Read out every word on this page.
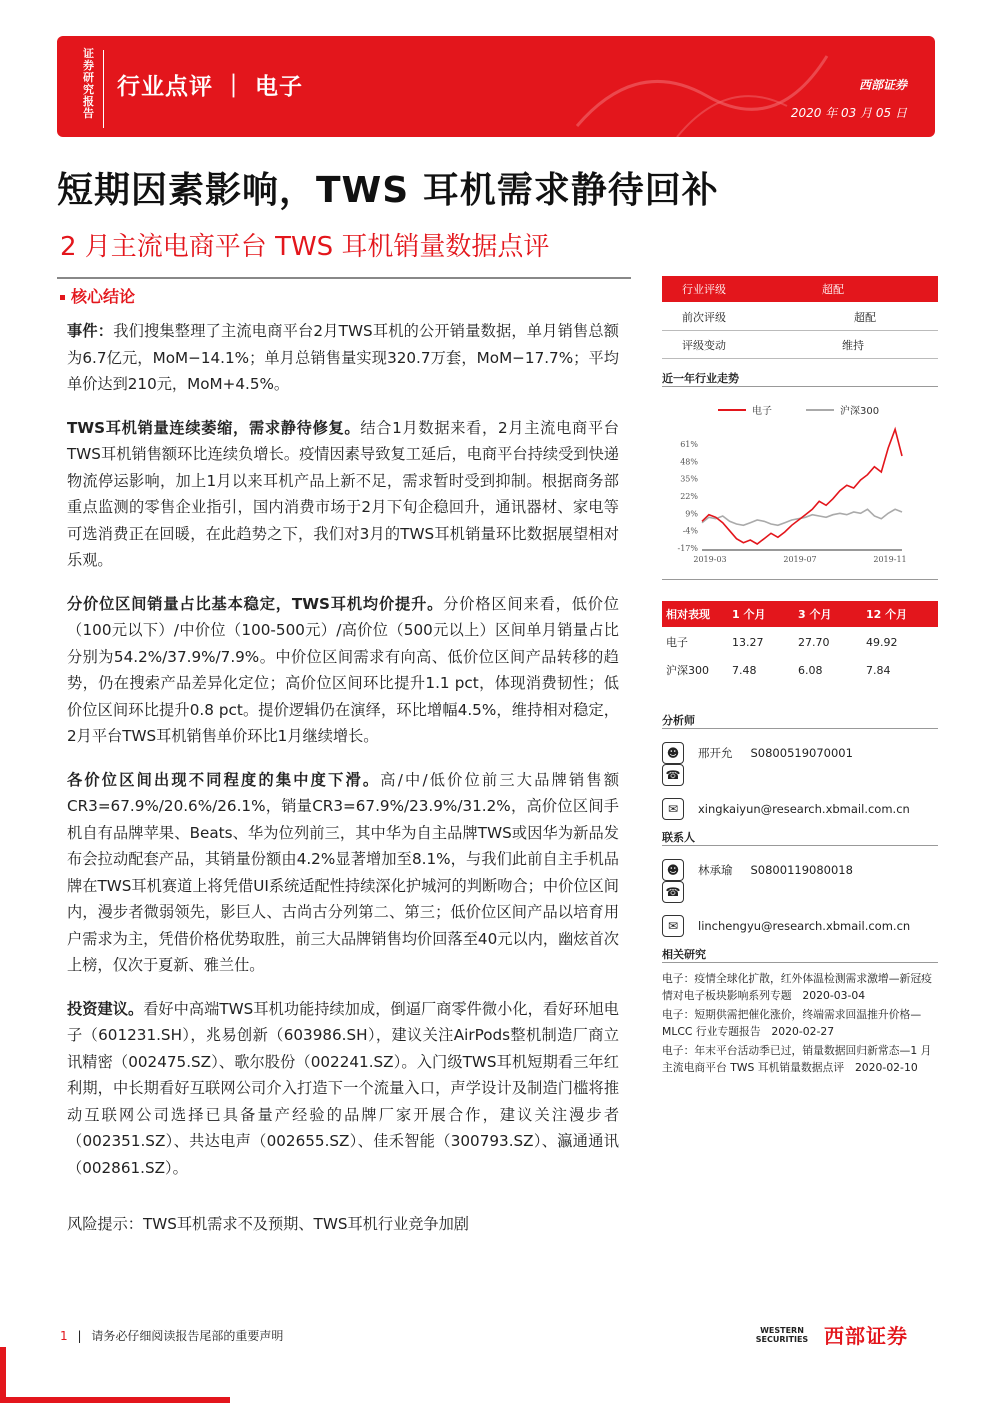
证券研究报告
行业点评 ｜ 电子	西部证券
2020 年 03 月 05 日
短期因素影响，TWS 耳机需求静待回补
2 月主流电商平台 TWS 耳机销量数据点评
核心结论

事件：我们搜集整理了主流电商平台2月TWS耳机的公开销量数据，单月销售总额为6.7亿元，MoM−14.1%；单月总销售量实现320.7万套，MoM−17.7%；平均单价达到210元，MoM+4.5%。

TWS耳机销量连续萎缩，需求静待修复。结合1月数据来看，2月主流电商平台TWS耳机销售额环比连续负增长。疫情因素导致复工延后，电商平台持续受到快递物流停运影响，加上1月以来耳机产品上新不足，需求暂时受到抑制。根据商务部重点监测的零售企业指引，国内消费市场于2月下旬企稳回升，通讯器材、家电等可选消费正在回暖，在此趋势之下，我们对3月的TWS耳机销量环比数据展望相对乐观。

分价位区间销量占比基本稳定，TWS耳机均价提升。分价格区间来看，低价位（100元以下）/中价位（100-500元）/高价位（500元以上）区间单月销量占比分别为54.2%/37.9%/7.9%。中价位区间需求有向高、低价位区间产品转移的趋势，仍在搜索产品差异化定位；高价位区间环比提升1.1 pct，体现消费韧性；低价位区间环比提升0.8 pct。提价逻辑仍在演绎，环比增幅4.5%，维持相对稳定，2月平台TWS耳机销售单价环比1月继续增长。

各价位区间出现不同程度的集中度下滑。高/中/低价位前三大品牌销售额CR3=67.9%/20.6%/26.1%，销量CR3=67.9%/23.9%/31.2%，高价位区间手机自有品牌苹果、Beats、华为位列前三，其中华为自主品牌TWS或因华为新品发布会拉动配套产品，其销量份额由4.2%显著增加至8.1%，与我们此前自主手机品牌在TWS耳机赛道上将凭借UI系统适配性持续深化护城河的判断吻合；中价位区间内，漫步者微弱领先，影巨人、古尚古分列第二、第三；低价位区间产品以培育用户需求为主，凭借价格优势取胜，前三大品牌销售均价回落至40元以内，幽炫首次上榜，仅次于夏新、雅兰仕。

投资建议。看好中高端TWS耳机功能持续加成，倒逼厂商零件微小化，看好环旭电子（601231.SH），兆易创新（603986.SH），建议关注AirPods整机制造厂商立讯精密（002475.SZ）、歌尔股份（002241.SZ）。入门级TWS耳机短期看三年红利期，中长期看好互联网公司介入打造下一个流量入口，声学设计及制造门槛将推动互联网公司选择已具备量产经验的品牌厂家开展合作，建议关注漫步者（002351.SZ）、共达电声（002655.SZ）、佳禾智能（300793.SZ）、瀛通通讯（002861.SZ）。

风险提示：TWS耳机需求不及预期、TWS耳机行业竞争加剧
行业评级	超配
前次评级	超配
评级变动	维持
近一年行业走势
电子	沪深300
61%
48%
35%
22%
9%
-4%
-17%
2019-03	2019-07	2019-11
相对表现	1 个月	3 个月	12 个月
电子	13.27	27.70	49.92
沪深300	7.48	6.08	7.84
分析师
☻	邢开允 S0800519070001
☎
✉	xingkaiyun@research.xbmail.com.cn
联系人
☻	林承瑜 S0800119080018
☎
✉	linchengyu@research.xbmail.com.cn
相关研究
电子：疫情全球化扩散，红外体温检测需求激增—新冠疫情对电子板块影响系列专题　2020-03-04
电子：短期供需把催化涨价，终端需求回温推升价格—MLCC 行业专题报告　2020-02-27
电子：年末平台活动季已过，销量数据回归新常态—1 月主流电商平台 TWS 耳机销量数据点评　2020-02-10
1 | 请务必仔细阅读报告尾部的重要声明	WESTERN SECURITIES 西部证券
